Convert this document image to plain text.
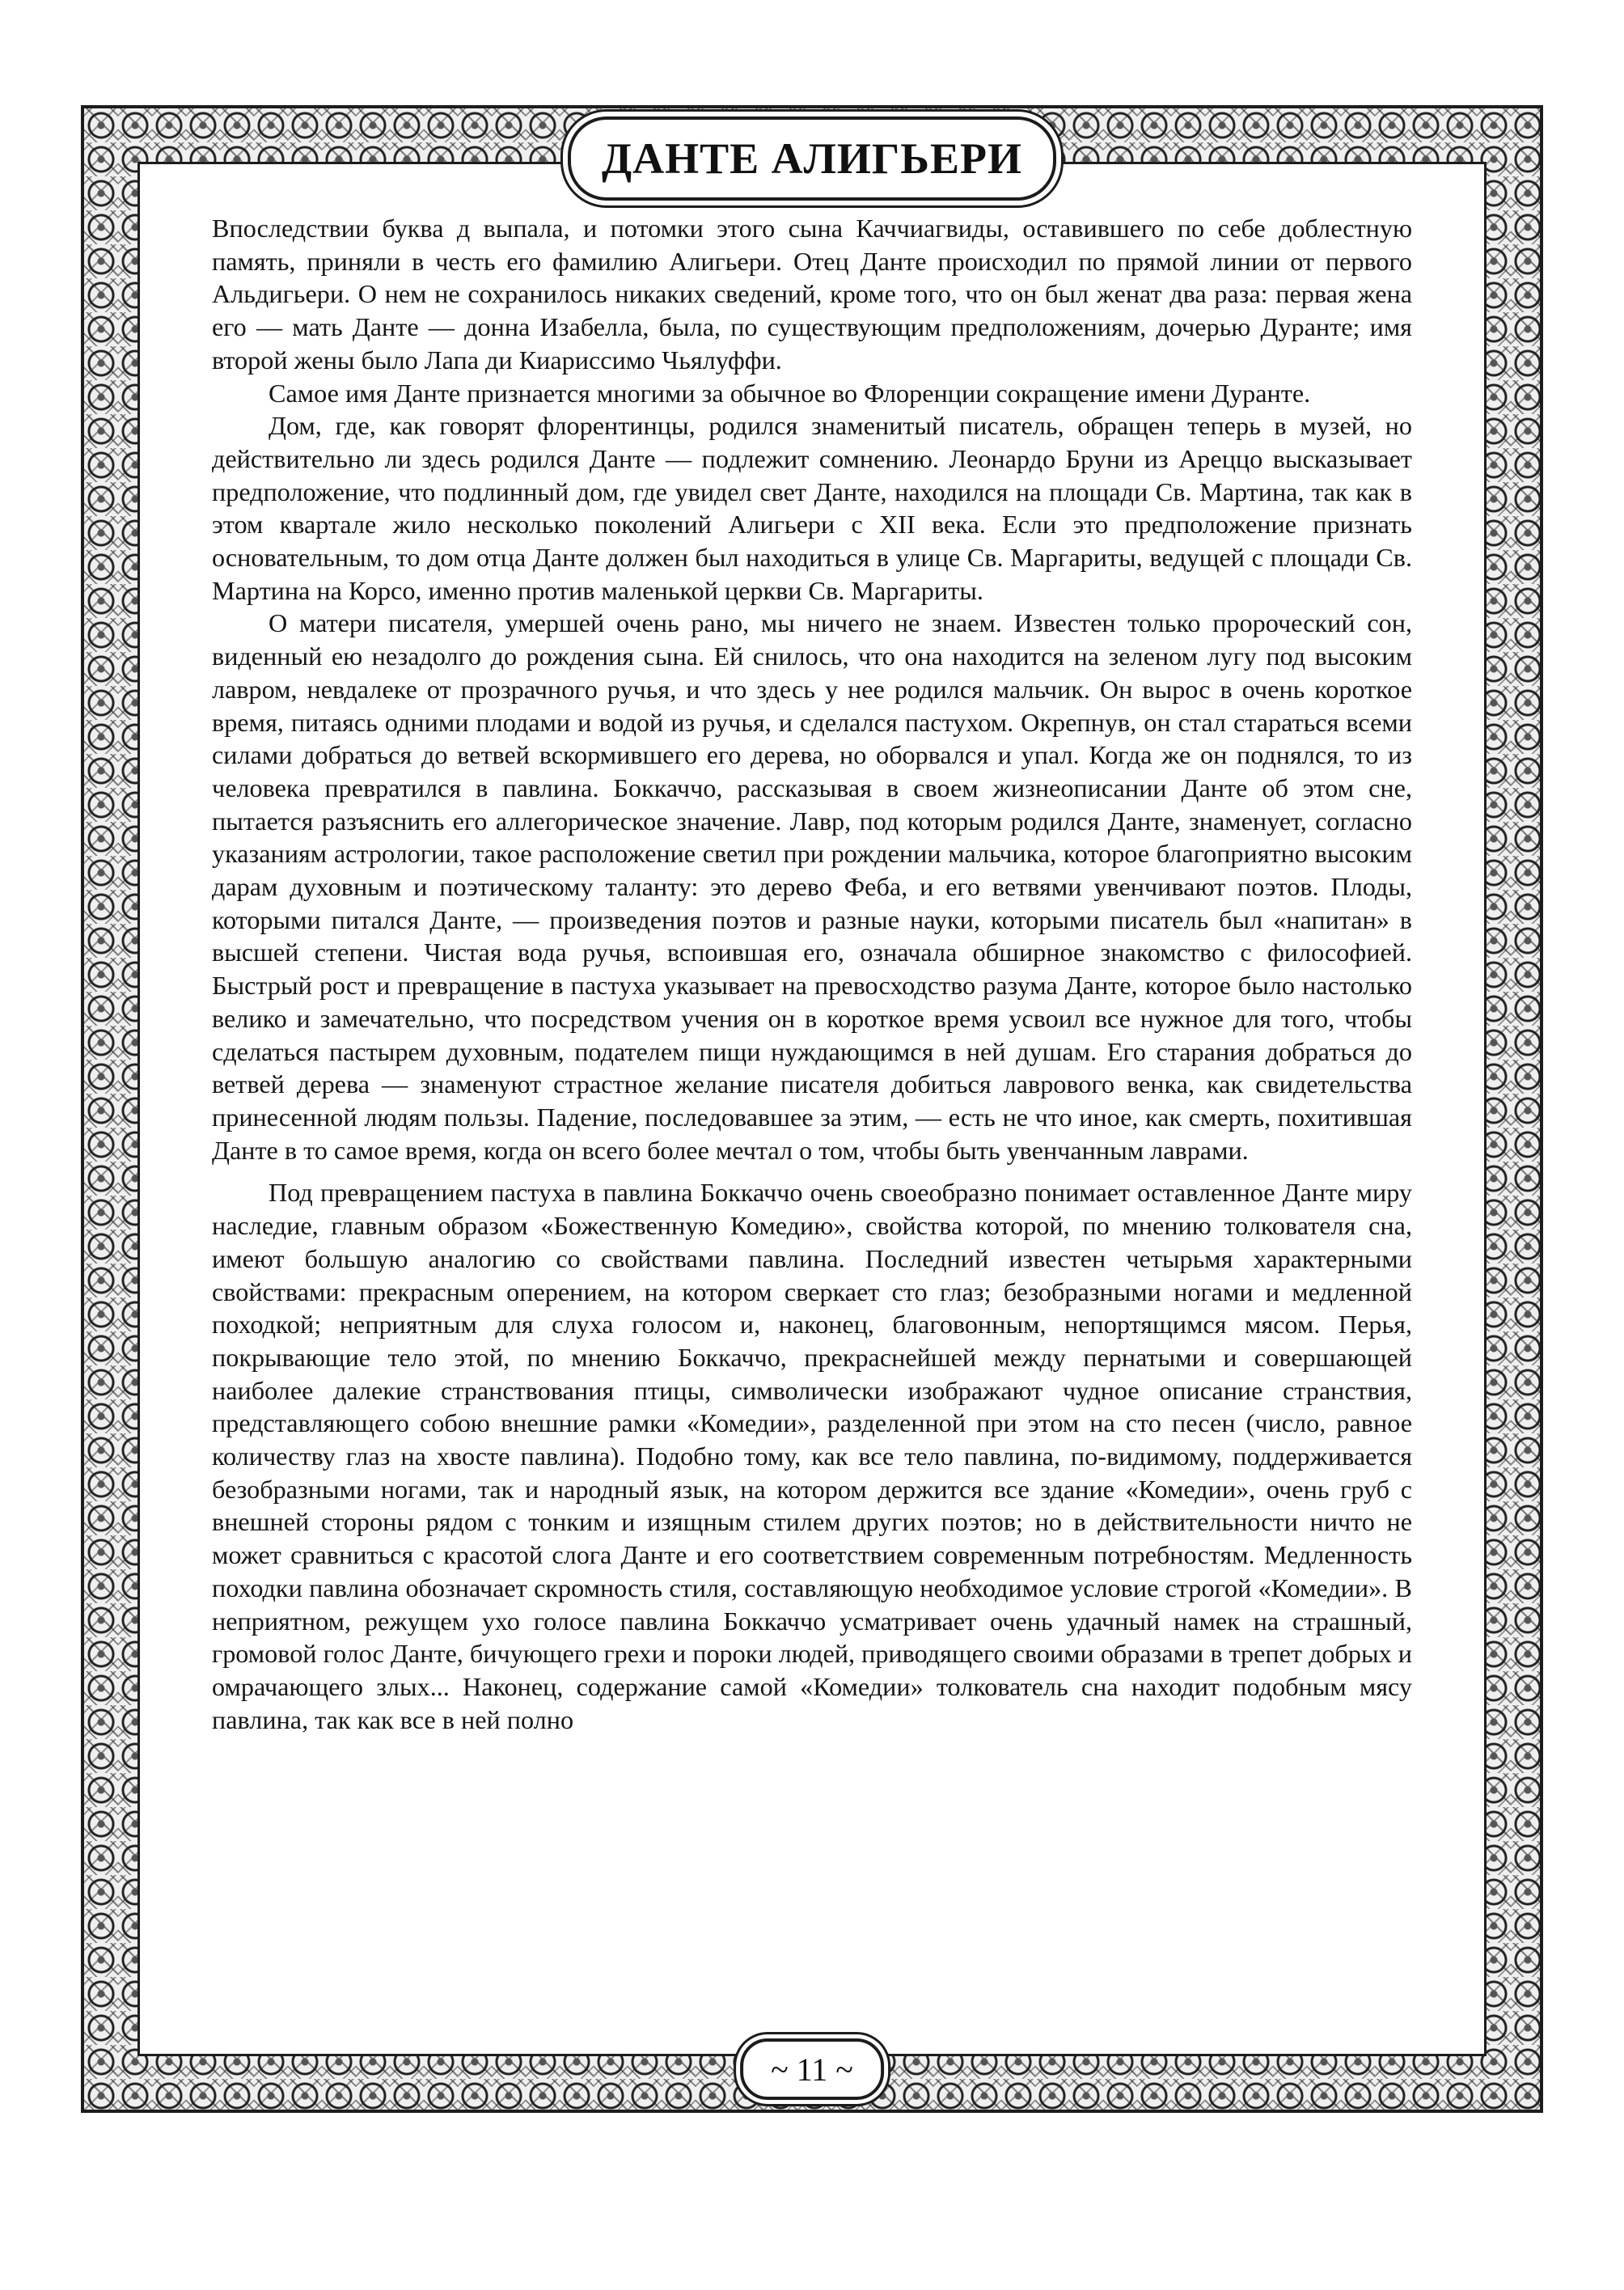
ДАНТЕ АЛИГЬЕРИ
~ 11 ~

Впоследствии буква д выпала, и потомки этого сына Каччиагвиды, оставившего по себе доблестную память, приняли в честь его фамилию Алигьери. Отец Данте происходил по прямой линии от первого Альдигьери. О нем не сохранилось никаких сведений, кроме того, что он был женат два раза: первая жена его — мать Данте — донна Изабелла, была, по существующим предположениям, дочерью Дуранте; имя второй жены было Лапа ди Киариссимо Чьялуффи.

Самое имя Данте признается многими за обычное во Флоренции сокращение имени Дуранте.

Дом, где, как говорят флорентинцы, родился знаменитый писатель, обращен теперь в музей, но действительно ли здесь родился Данте — подлежит сомнению. Леонардо Бруни из Ареццо высказывает предположение, что подлинный дом, где увидел свет Данте, находился на площади Св. Мартина, так как в этом квартале жило несколько поколений Алигьери с XII века. Если это предположение признать основательным, то дом отца Данте должен был находиться в улице Св. Маргариты, ведущей с площади Св. Мартина на Корсо, именно против маленькой церкви Св. Маргариты.

О матери писателя, умершей очень рано, мы ничего не знаем. Известен только пророческий сон, виденный ею незадолго до рождения сына. Ей снилось, что она находится на зеленом лугу под высоким лавром, невдалеке от прозрачного ручья, и что здесь у нее родился мальчик. Он вырос в очень короткое время, питаясь одними плодами и водой из ручья, и сделался пастухом. Окрепнув, он стал стараться всеми силами добраться до ветвей вскормившего его дерева, но оборвался и упал. Когда же он поднялся, то из человека превратился в павлина. Боккаччо, рассказывая в своем жизнеописании Данте об этом сне, пытается разъяснить его аллегорическое значение. Лавр, под которым родился Данте, знаменует, согласно указаниям астрологии, такое расположение светил при рождении мальчика, которое благоприятно высоким дарам духовным и поэтическому таланту: это дерево Феба, и его ветвями увенчивают поэтов. Плоды, которыми питался Данте, — произведения поэтов и разные науки, которыми писатель был «напитан» в высшей степени. Чистая вода ручья, вспоившая его, означала обширное знакомство с философией. Быстрый рост и превращение в пастуха указывает на превосходство разума Данте, которое было настолько велико и замечательно, что посредством учения он в короткое время усвоил все нужное для того, чтобы сделаться пастырем духовным, подателем пищи нуждающимся в ней душам. Его старания добраться до ветвей дерева — знаменуют страстное желание писателя добиться лаврового венка, как свидетельства принесенной людям пользы. Падение, последовавшее за этим, — есть не что иное, как смерть, похитившая Данте в то самое время, когда он всего более мечтал о том, чтобы быть увенчанным лаврами.

Под превращением пастуха в павлина Боккаччо очень своеобразно понимает оставленное Данте миру наследие, главным образом «Божественную Комедию», свойства которой, по мнению толкователя сна, имеют большую аналогию со свойствами павлина. Последний известен четырьмя характерными свойствами: прекрасным оперением, на котором сверкает сто глаз; безобразными ногами и медленной походкой; неприятным для слуха голосом и, наконец, благовонным, непортящимся мясом. Перья, покрывающие тело этой, по мнению Боккаччо, прекраснейшей между пернатыми и совершающей наиболее далекие странствования птицы, символически изображают чудное описание странствия, представляющего собою внешние рамки «Комедии», разделенной при этом на сто песен (число, равное количеству глаз на хвосте павлина). Подобно тому, как все тело павлина, по-видимому, поддерживается безобразными ногами, так и народный язык, на котором держится все здание «Комедии», очень груб с внешней стороны рядом с тонким и изящным стилем других поэтов; но в действительности ничто не может сравниться с красотой слога Данте и его соответствием современным потребностям. Медленность походки павлина обозначает скромность стиля, составляющую необходимое условие строгой «Комедии». В неприятном, режущем ухо голосе павлина Боккаччо усматривает очень удачный намек на страшный, громовой голос Данте, бичующего грехи и пороки людей, приводящего своими образами в трепет добрых и омрачающего злых... Наконец, содержание самой «Комедии» толкователь сна находит подобным мясу павлина, так как все в ней полно
